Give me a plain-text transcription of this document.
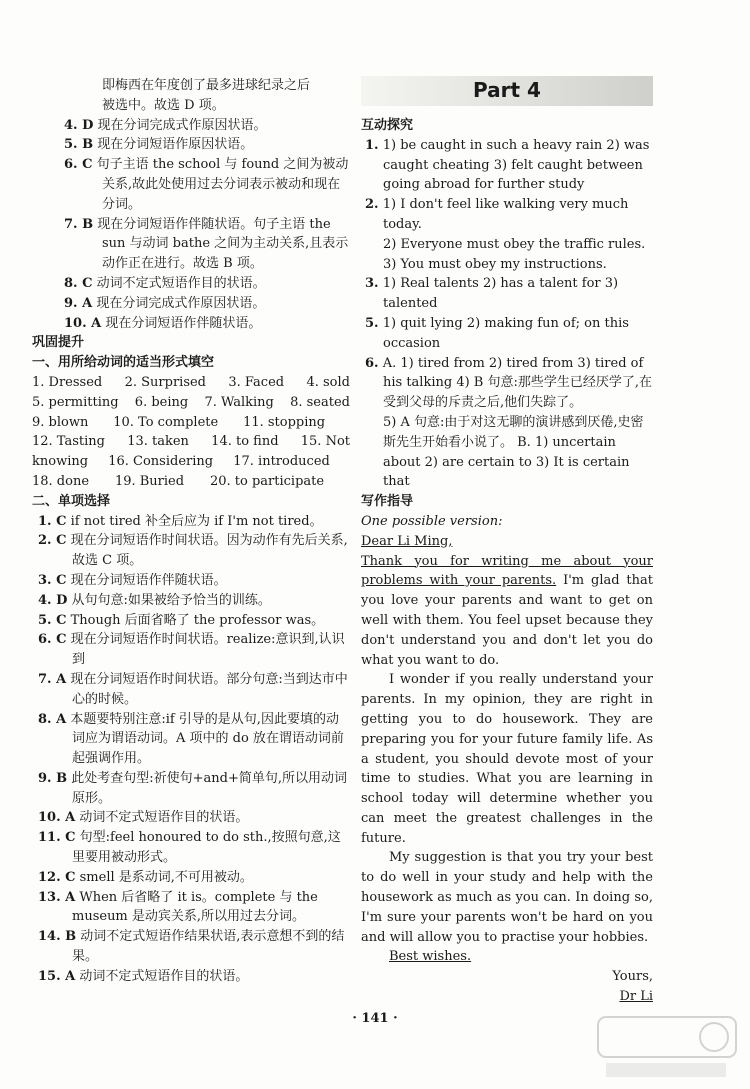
即梅西在年度创了最多进球纪录之后
被选中。故选 D 项。
4. D 现在分词完成式作原因状语。
5. B 现在分词短语作原因状语。
6. C 句子主语 the school 与 found 之间为被动关系,故此处使用过去分词表示被动和现在分词。
7. B 现在分词短语作伴随状语。句子主语 the sun 与动词 bathe 之间为主动关系,且表示动作正在进行。故选 B 项。
8. C 动词不定式短语作目的状语。
9. A 现在分词完成式作原因状语。
10. A 现在分词短语作伴随状语。
巩固提升
一、用所给动词的适当形式填空
1. Dressed 2. Surprised 3. Faced 4. sold
5. permitting 6. being 7. Walking 8. seated
9. blown 10. To complete 11. stopping
12. Tasting 13. taken 14. to find 15. Not
knowing 16. Considering 17. introduced
18. done 19. Buried 20. to participate
二、单项选择
1. C if not tired 补全后应为 if I'm not tired。
2. C 现在分词短语作时间状语。因为动作有先后关系,故选 C 项。
3. C 现在分词短语作伴随状语。
4. D 从句句意:如果被给予恰当的训练。
5. C Though 后面省略了 the professor was。
6. C 现在分词短语作时间状语。realize:意识到,认识到
7. A 现在分词短语作时间状语。部分句意:当到达市中心的时候。
8. A 本题要特别注意:if 引导的是从句,因此要填的动词应为谓语动词。A 项中的 do 放在谓语动词前起强调作用。
9. B 此处考查句型:祈使句+and+简单句,所以用动词原形。
10. A 动词不定式短语作目的状语。
11. C 句型:feel honoured to do sth.,按照句意,这里要用被动形式。
12. C smell 是系动词,不可用被动。
13. A When 后省略了 it is。complete 与 the museum 是动宾关系,所以用过去分词。
14. B 动词不定式短语作结果状语,表示意想不到的结果。
15. A 动词不定式短语作目的状语。
Part 4
互动探究
1. 1) be caught in such a heavy rain 2) was caught cheating 3) felt caught between going abroad for further study
2. 1) I don't feel like walking very much today.
2) Everyone must obey the traffic rules.
3) You must obey my instructions.
3. 1) Real talents 2) has a talent for 3) talented
5. 1) quit lying 2) making fun of; on this occasion
6. A. 1) tired from 2) tired from 3) tired of his talking 4) B 句意:那些学生已经厌学了,在受到父母的斥责之后,他们失踪了。
5) A 句意:由于对这无聊的演讲感到厌倦,史密斯先生开始看小说了。 B. 1) uncertain about 2) are certain to 3) It is certain that
写作指导
One possible version:

Dear Li Ming,

Thank you for writing me about your problems with your parents. I'm glad that you love your parents and want to get on well with them. You feel upset because they don't understand you and don't let you do what you want to do.

I wonder if you really understand your parents. In my opinion, they are right in getting you to do housework. They are preparing you for your future family life. As a student, you should devote most of your time to studies. What you are learning in school today will determine whether you can meet the greatest challenges in the future.

My suggestion is that you try your best to do well in your study and help with the housework as much as you can. In doing so, I'm sure your parents won't be hard on you and will allow you to practise your hobbies.

Best wishes.

Yours,

Dr Li

· 141 ·
